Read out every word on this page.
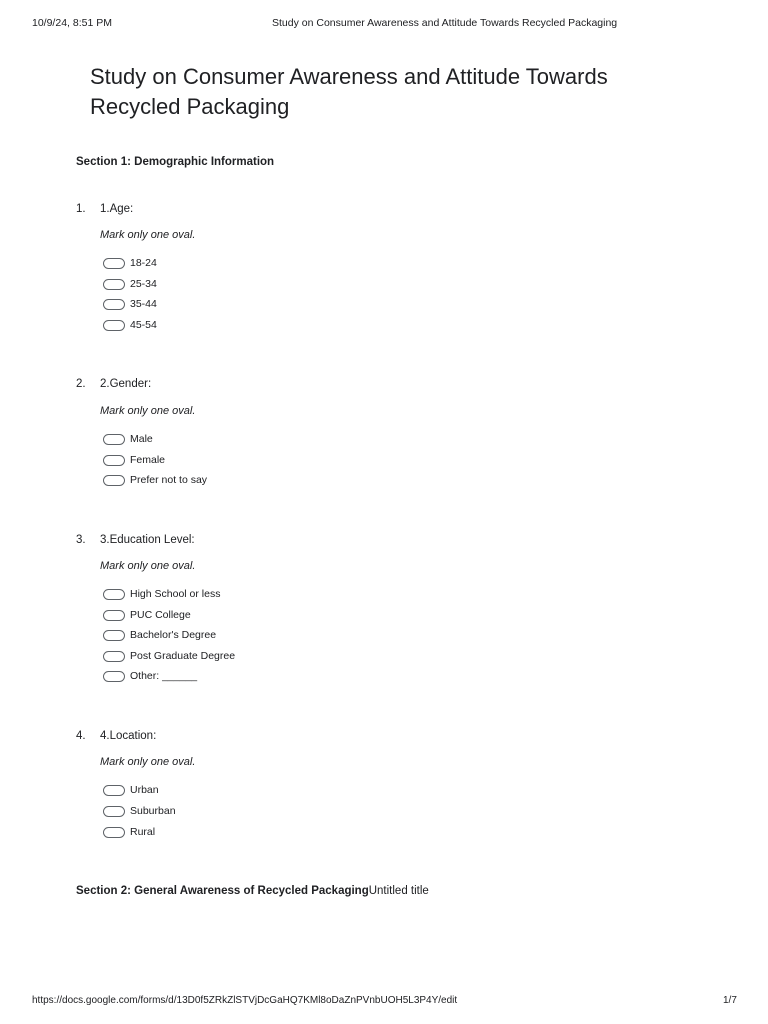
10/9/24, 8:51 PM	Study on Consumer Awareness and Attitude Towards Recycled Packaging
Study on Consumer Awareness and Attitude Towards Recycled Packaging
Section 1: Demographic Information
1. 1.Age:
Mark only one oval.
18-24
25-34
35-44
45-54
2. 2.Gender:
Mark only one oval.
Male
Female
Prefer not to say
3. 3.Education Level:
Mark only one oval.
High School or less
PUC College
Bachelor's Degree
Post Graduate Degree
Other: ______
4. 4.Location:
Mark only one oval.
Urban
Suburban
Rural
Section 2: General Awareness of Recycled PackagingUntitled title
https://docs.google.com/forms/d/13D0f5ZRkZlSTVjDcGaHQ7KMl8oDaZnPVnbUOH5L3P4Y/edit	1/7
